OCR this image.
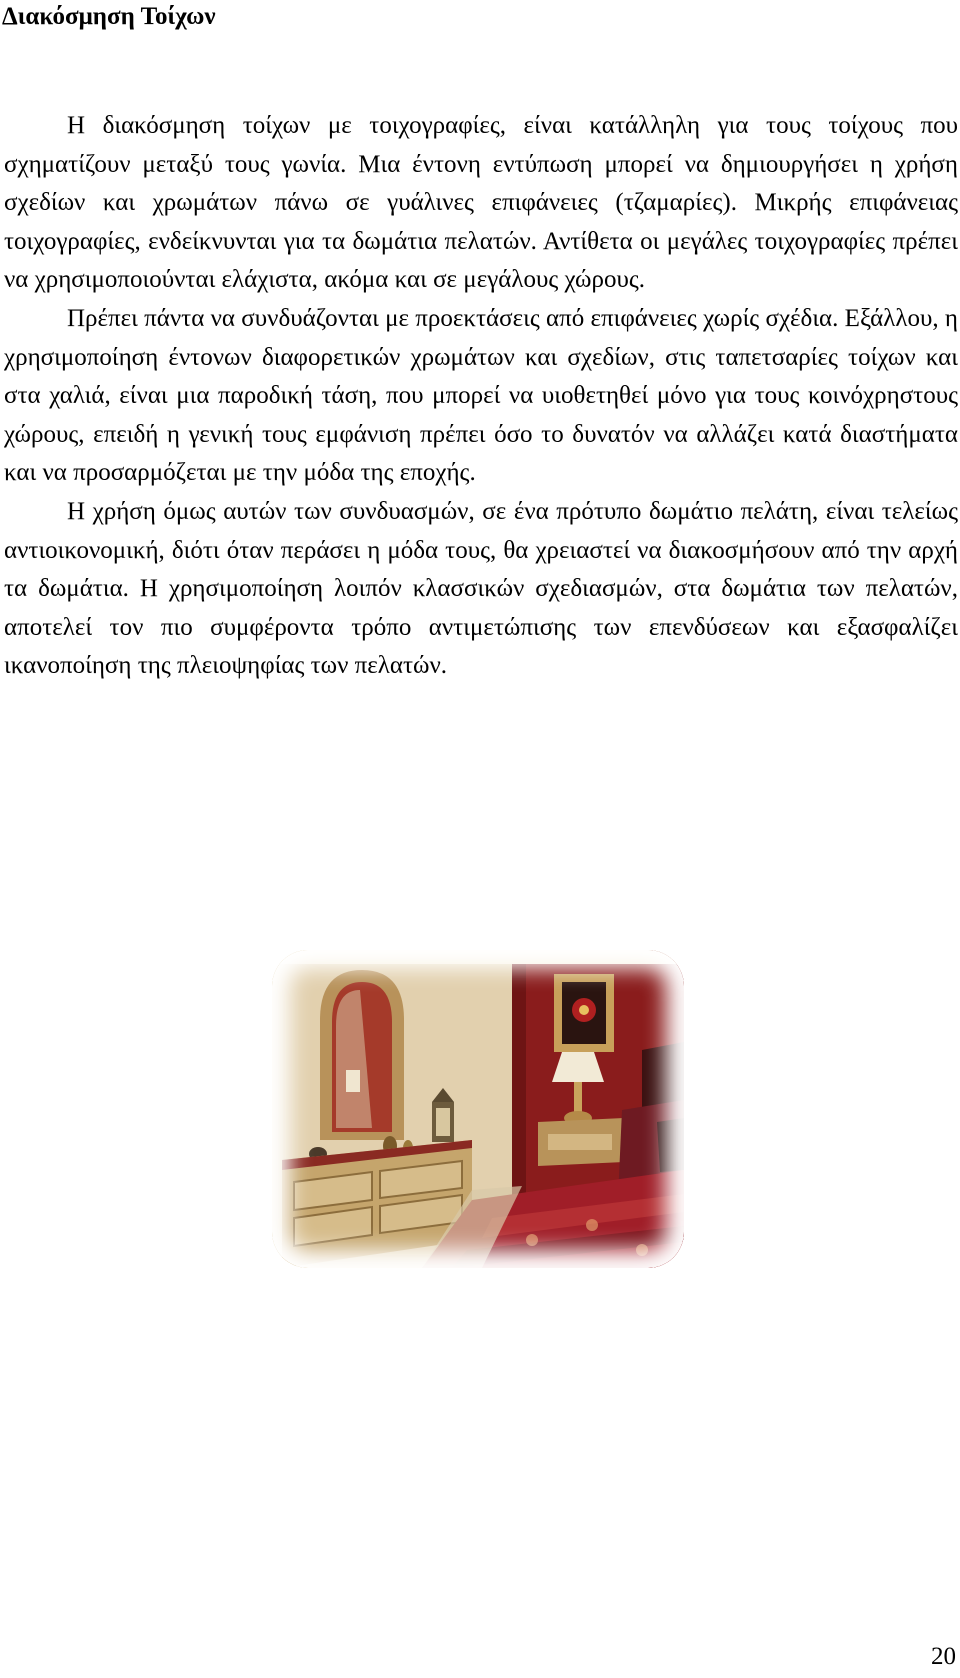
Διακόσμηση Τοίχων

Η διακόσμηση τοίχων με τοιχογραφίες, είναι κατάλληλη για τους τοίχους που σχηματίζουν μεταξύ τους γωνία. Μια έντονη εντύπωση μπορεί να δημιουργήσει η χρήση σχεδίων και χρωμάτων πάνω σε γυάλινες επιφάνειες (τζαμαρίες). Μικρής επιφάνειας τοιχογραφίες, ενδείκνυνται για τα δωμάτια πελατών. Αντίθετα οι μεγάλες τοιχογραφίες πρέπει να χρησιμοποιούνται ελάχιστα, ακόμα και σε μεγάλους χώρους.

Πρέπει πάντα να συνδυάζονται με προεκτάσεις από επιφάνειες χωρίς σχέδια. Εξάλλου, η χρησιμοποίηση έντονων διαφορετικών χρωμάτων και σχεδίων, στις ταπετσαρίες τοίχων και στα χαλιά, είναι μια παροδική τάση, που μπορεί να υιοθετηθεί μόνο για τους κοινόχρηστους χώρους, επειδή η γενική τους εμφάνιση πρέπει όσο το δυνατόν να αλλάζει κατά διαστήματα και να προσαρμόζεται με την μόδα της εποχής.

Η χρήση όμως αυτών των συνδυασμών, σε ένα πρότυπο δωμάτιο πελάτη, είναι τελείως αντιοικονομική, διότι όταν περάσει η μόδα τους, θα χρειαστεί να διακοσμήσουν από την αρχή τα δωμάτια. Η χρησιμοποίηση λοιπόν κλασσικών σχεδιασμών, στα δωμάτια των πελατών, αποτελεί τον πιο συμφέροντα τρόπο αντιμετώπισης των επενδύσεων και εξασφαλίζει ικανοποίηση της πλειοψηφίας των πελατών.

20
